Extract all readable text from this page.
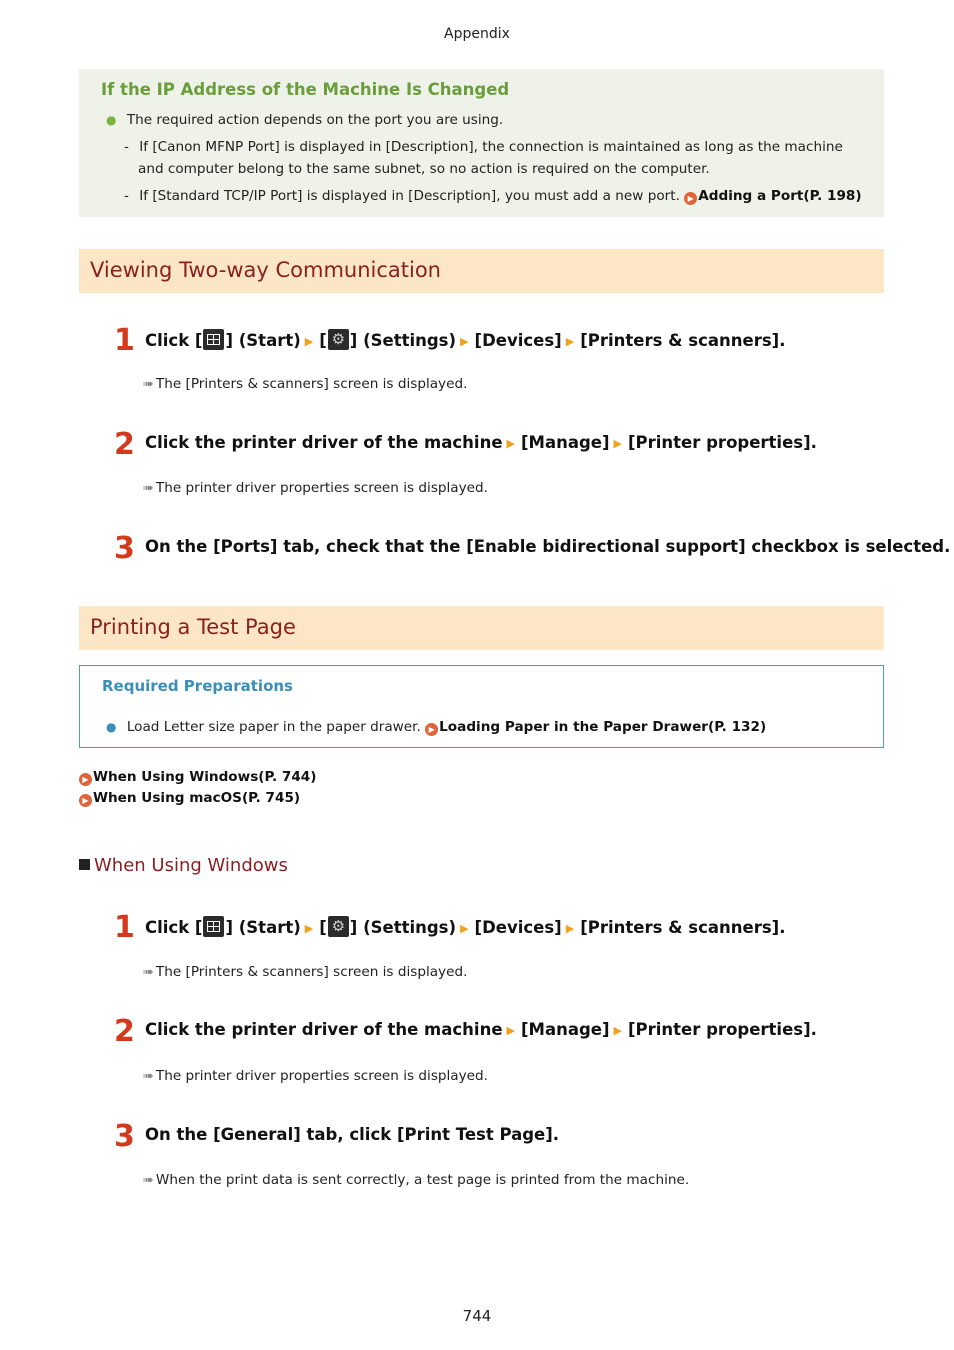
Appendix
If the IP Address of the Machine Is Changed
● The required action depends on the port you are using.
- If [Canon MFNP Port] is displayed in [Description], the connection is maintained as long as the machine
and computer belong to the same subnet, so no action is required on the computer.
- If [Standard TCP/IP Port] is displayed in [Description], you must add a new port. ▶ Adding a Port(P. 198)
Viewing Two-way Communication
1 Click [ ] (Start) ▶ [ ⚙ ] (Settings) ▶ [Devices] ▶ [Printers & scanners].
➠ The [Printers & scanners] screen is displayed.
2 Click the printer driver of the machine ▶ [Manage] ▶ [Printer properties].
➠ The printer driver properties screen is displayed.
3 On the [Ports] tab, check that the [Enable bidirectional support] checkbox is selected.
Printing a Test Page
Required Preparations
● Load Letter size paper in the paper drawer. ▶ Loading Paper in the Paper Drawer(P. 132)
▶ When Using Windows(P. 744)
▶ When Using macOS(P. 745)
When Using Windows
1 Click [ ] (Start) ▶ [ ⚙ ] (Settings) ▶ [Devices] ▶ [Printers & scanners].
➠ The [Printers & scanners] screen is displayed.
2 Click the printer driver of the machine ▶ [Manage] ▶ [Printer properties].
➠ The printer driver properties screen is displayed.
3 On the [General] tab, click [Print Test Page].
➠ When the print data is sent correctly, a test page is printed from the machine.
744
